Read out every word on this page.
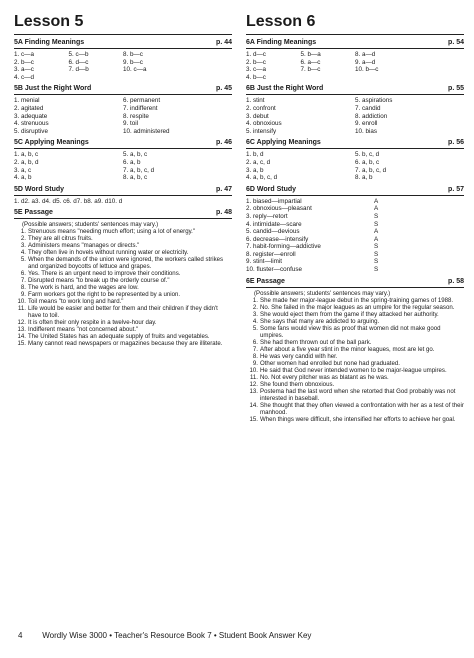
Lesson 5
5A Finding Meanings	p. 44
1. c—a	5. c—b	8. b—c
2. b—c	6. d—c	9. b—c
3. a—c	7. d—b	10. c—a
4. c—d
5B Just the Right Word	p. 45
1. menial	6. permanent
2. agitated	7. indifferent
3. adequate	8. respite
4. strenuous	9. toil
5. disruptive	10. administered
5C Applying Meanings	p. 46
1. a, b, c	5. a, b, c
2. a, b, d	6. a, b
3. a, c	7. a, b, c, d
4. a, b	8. a, b, c
5D Word Study	p. 47
1. d2. a3. d4. d5. c6. d7. b8. a9. d10. d
5E Passage	p. 48
(Possible answers; students' sentences may vary.)
1. Strenuous means "needing much effort; using a lot of energy."
2. They are all citrus fruits.
3. Administers means "manages or directs."
4. They often live in hovels without running water or electricity.
5. When the demands of the union were ignored, the workers called strikes and organized boycotts of lettuce and grapes.
6. Yes. There is an urgent need to improve their conditions.
7. Disrupted means "to break up the orderly course of."
8. The work is hard, and the wages are low.
9. Farm workers got the right to be represented by a union.
10. Toil means "to work long and hard."
11. Life would be easier and better for them and their children if they didn't have to toil.
12. It is often their only respite in a twelve-hour day.
13. Indifferent means "not concerned about."
14. The United States has an adequate supply of fruits and vegetables.
15. Many cannot read newspapers or magazines because they are illiterate.
Lesson 6
6A Finding Meanings	p. 54
1. d—c	5. b—a	8. a—d
2. b—c	6. a—c	9. a—d
3. c—a	7. b—c	10. b—c
4. b—c
6B Just the Right Word	p. 55
1. stint	5. aspirations
2. confront	7. candid
3. debut	8. addiction
4. obnoxious	9. enroll
5. intensify	10. bias
6C Applying Meanings	p. 56
1. b, d	5. b, c, d
2. a, c, d	6. a, b, c
3. a, b	7. a, b, c, d
4. a, b, c, d	8. a, b
6D Word Study	p. 57
1. biased—impartial	A
2. obnoxious—pleasant	A
3. reply—retort	S
4. intimidate—scare	S
5. candid—devious	A
6. decrease—intensify	A
7. habit-forming—addictive	S
8. register—enroll	S
9. stint—limit	S
10. fluster—confuse	S
6E Passage	p. 58
(Possible answers; students' sentences may vary.)
1. She made her major-league debut in the spring-training games of 1988.
2. No. She failed in the major leagues as an umpire for the regular season.
3. She would eject them from the game if they attacked her authority.
4. She says that many are addicted to arguing.
5. Some fans would view this as proof that women did not make good umpires.
6. She had them thrown out of the ball park.
7. After about a five year stint in the minor leagues, most are let go.
8. He was very candid with her.
9. Other women had enrolled but none had graduated.
10. He said that God never intended women to be major-league umpires.
11. No. Not every pitcher was as blatant as he was.
12. She found them obnoxious.
13. Postema had the last word when she retorted that God probably was not interested in baseball.
14. She thought that they often viewed a confrontation with her as a test of their manhood.
15. When things were difficult, she intensified her efforts to achieve her goal.
4 Wordly Wise 3000 • Teacher's Resource Book 7 • Student Book Answer Key
